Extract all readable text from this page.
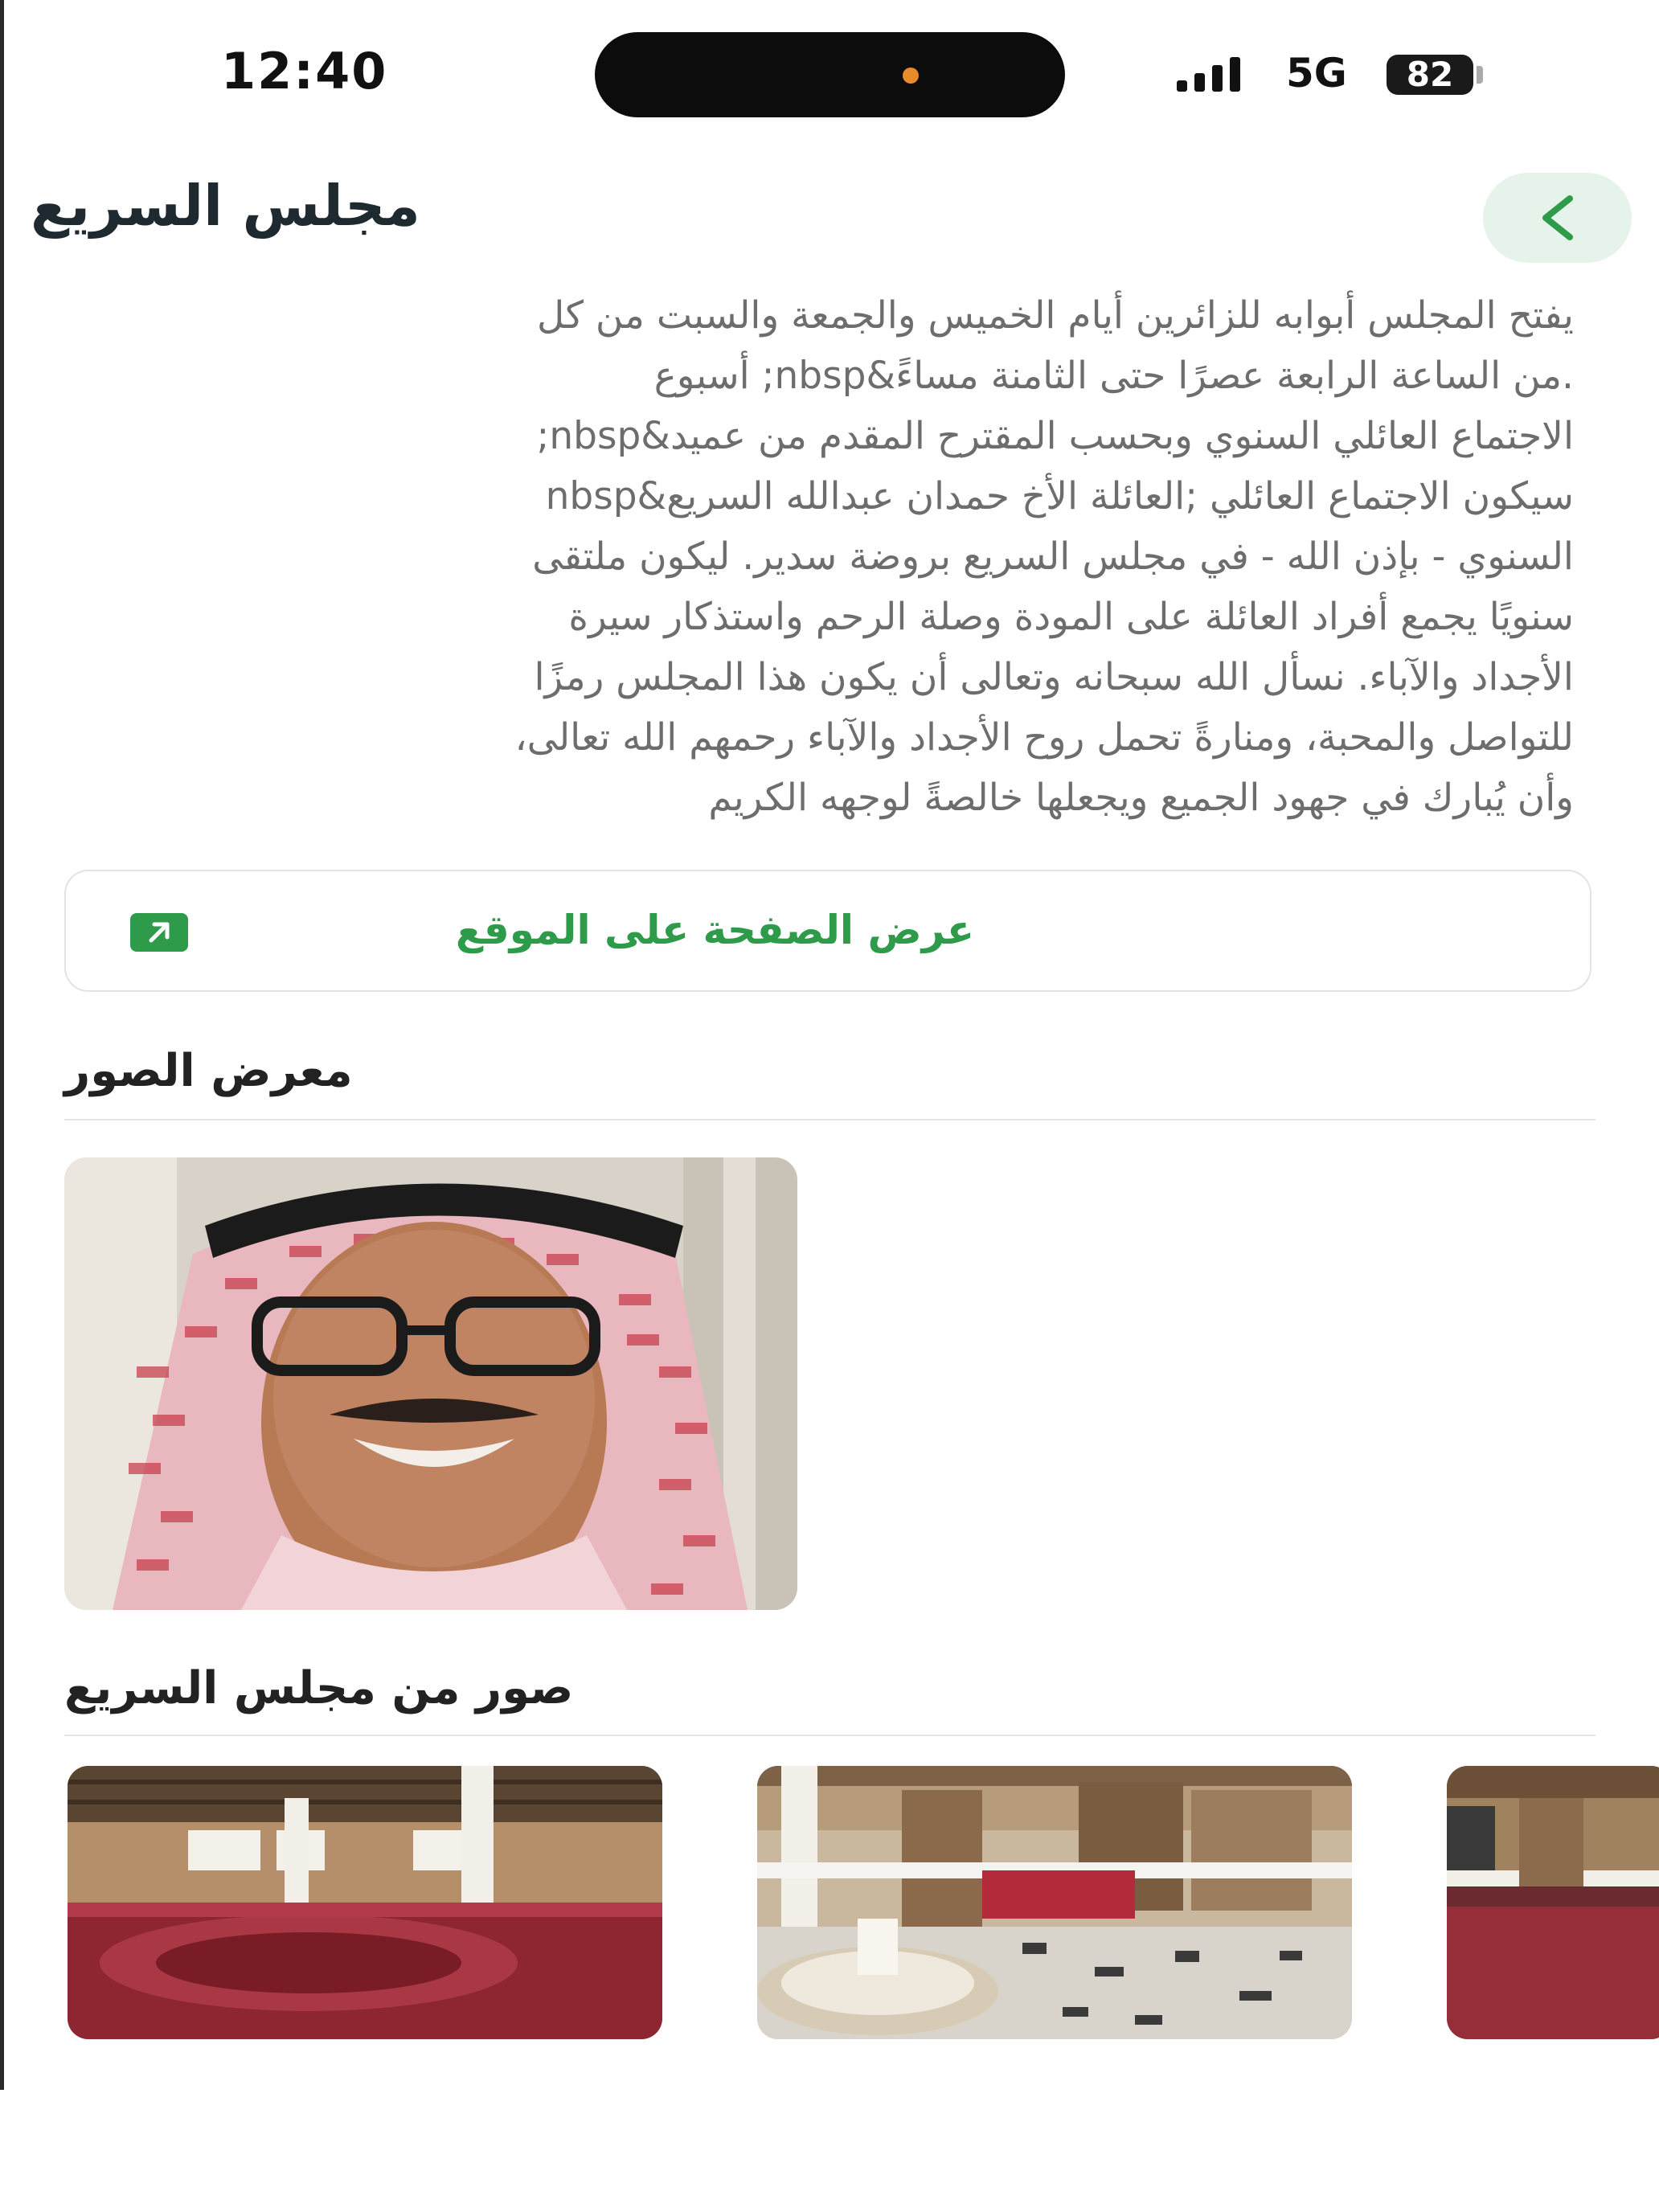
12:40	5G	82
مجلس السريع

يفتح المجلس أبوابه للزائرين أيام الخميس والجمعة والسبت من كل

.من الساعة الرابعة عصرًا حتى الثامنة مساءً&nbsp; أسبوع

الاجتماع العائلي السنوي وبحسب المقترح المقدم من عميد&nbsp;

سيكون الاجتماع العائلي ;العائلة الأخ حمدان عبدالله السريع&nbsp

السنوي - بإذن الله - في مجلس السريع بروضة سدير. ليكون ملتقى

سنويًا يجمع أفراد العائلة على المودة وصلة الرحم واستذكار سيرة

الأجداد والآباء. نسأل الله سبحانه وتعالى أن يكون هذا المجلس رمزًا

للتواصل والمحبة، ومنارةً تحمل روح الأجداد والآباء رحمهم الله تعالى،

وأن يُبارك في جهود الجميع ويجعلها خالصةً لوجهه الكريم

عرض الصفحة على الموقع
معرض الصور
صور من مجلس السريع
